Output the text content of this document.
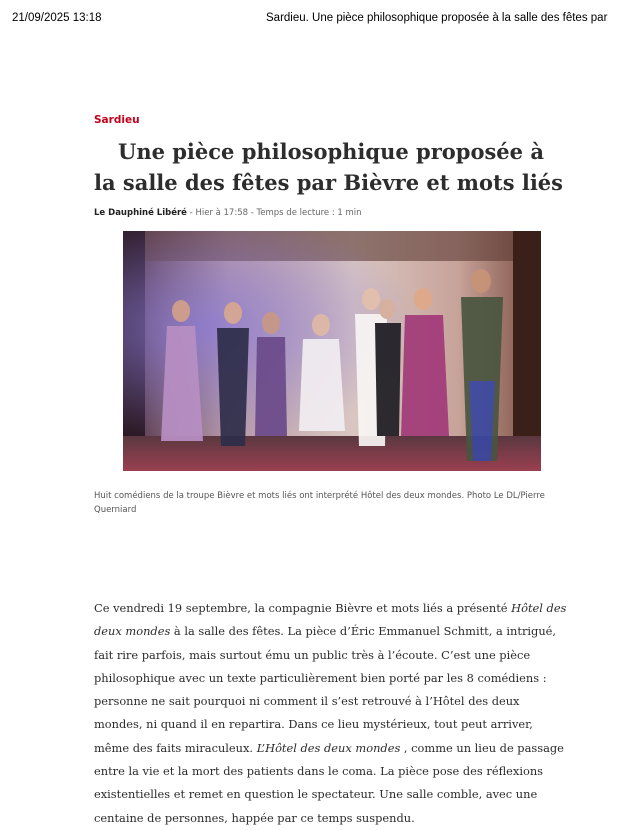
21/09/2025 13:18	Sardieu. Une pièce philosophique proposée à la salle des fêtes par
Sardieu
Une pièce philosophique proposée à la salle des fêtes par Bièvre et mots liés
Le Dauphiné Libéré - Hier à 17:58 - Temps de lecture : 1 min

Huit comédiens de la troupe Bièvre et mots liés ont interprété Hôtel des deux mondes. Photo Le DL/Pierre Querniard

Ce vendredi 19 septembre, la compagnie Bièvre et mots liés a présenté Hôtel des deux mondes à la salle des fêtes. La pièce d’Éric Emmanuel Schmitt, a intrigué, fait rire parfois, mais surtout ému un public très à l’écoute. C’est une pièce philosophique avec un texte particulièrement bien porté par les 8 comédiens : personne ne sait pourquoi ni comment il s’est retrouvé à l’Hôtel des deux mondes, ni quand il en repartira. Dans ce lieu mystérieux, tout peut arriver, même des faits miraculeux. L’Hôtel des deux mondes , comme un lieu de passage entre la vie et la mort des patients dans le coma. La pièce pose des réflexions existentielles et remet en question le spectateur. Une salle comble, avec une centaine de personnes, happée par ce temps suspendu.
